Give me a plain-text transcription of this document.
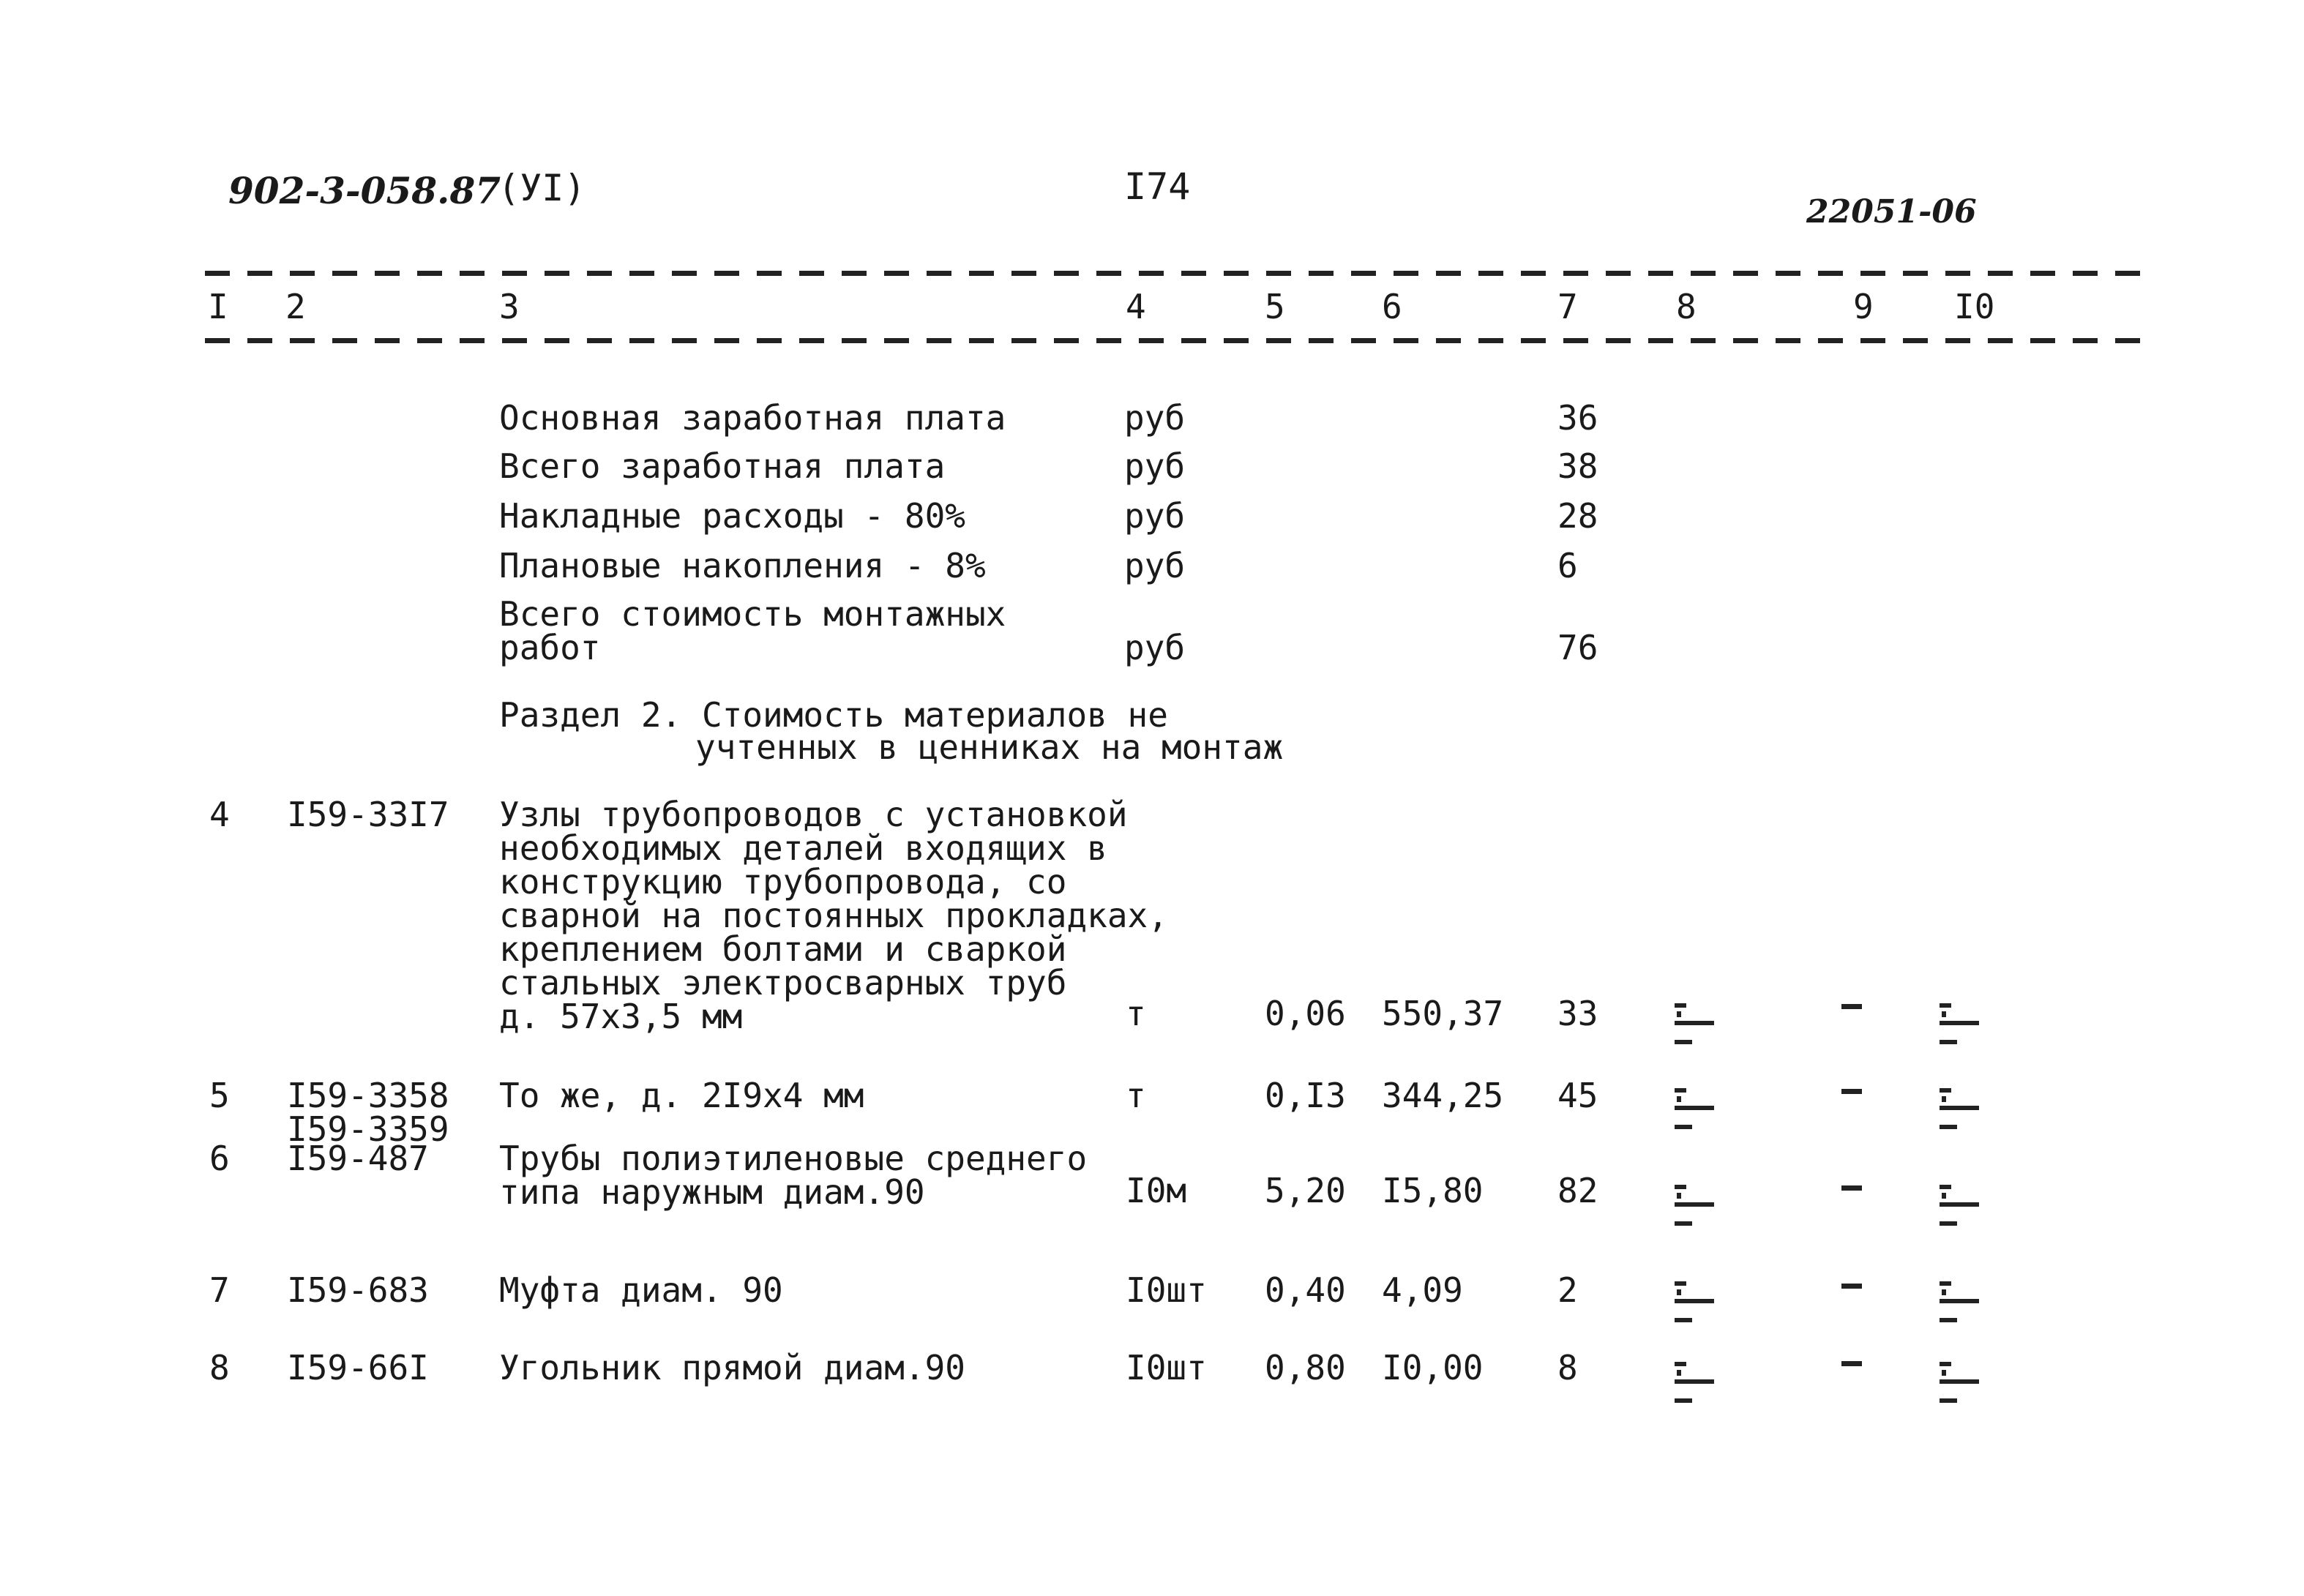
902-3-058.87
(УI)	I74
22051-06
I 2	3	4	5	6	7	8	9 I0
Основная заработная плата	руб	36
Всего заработная плата	руб	38
Накладные расходы - 80%	руб	28
Плановые накопления - 8%	руб	6
Всего стоимость монтажных
работ	руб	76
Раздел 2. Стоимость материалов не
учтенных в ценниках на монтаж
4 I59-33I7 Узлы трубопроводов с установкой
необходимых деталей входящих в
конструкцию трубопровода, со
сварной на постоянных прокладках,
креплением болтами и сваркой
стальных электросварных труб
д. 57х3,5 мм	т	0,06 550,37 33
5 I59-3358
I59-3359
То же, д. 2I9х4 мм	т	0,I3 344,25 45
6 I59-487 Трубы полиэтиленовые среднего
типа наружным диам.90	I0м 5,20 I5,80 82
7 I59-683 Муфта диам. 90	I0шт 0,40 4,09	2
8 I59-66I Угольник прямой диам.90	I0шт 0,80 I0,00 8
